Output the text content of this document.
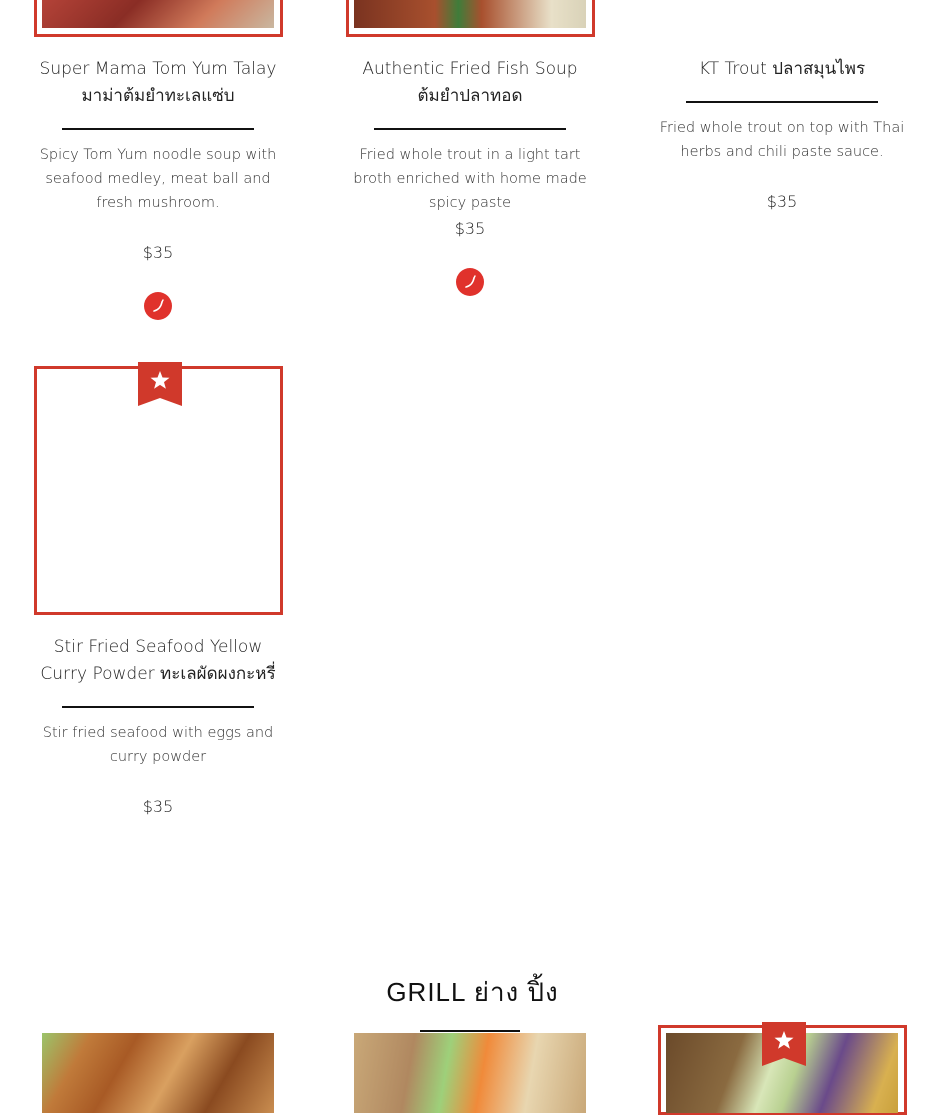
Super Mama Tom Yum Talay
มาม่าต้มยำทะเลแซ่บ
Spicy Tom Yum noodle soup with seafood medley, meat ball and fresh mushroom.
$35
Authentic Fried Fish Soup
ต้มยำปลาทอด
Fried whole trout in a light tart broth enriched with home made spicy paste
$35
KT Trout ปลาสมุนไพร
Fried whole trout on top with Thai herbs and chili paste sauce.
$35
Stir Fried Seafood Yellow Curry Powder ทะเลผัดผงกะหรี่
Stir fried seafood with eggs and curry powder
$35
GRILL ย่าง ปิ้ง
